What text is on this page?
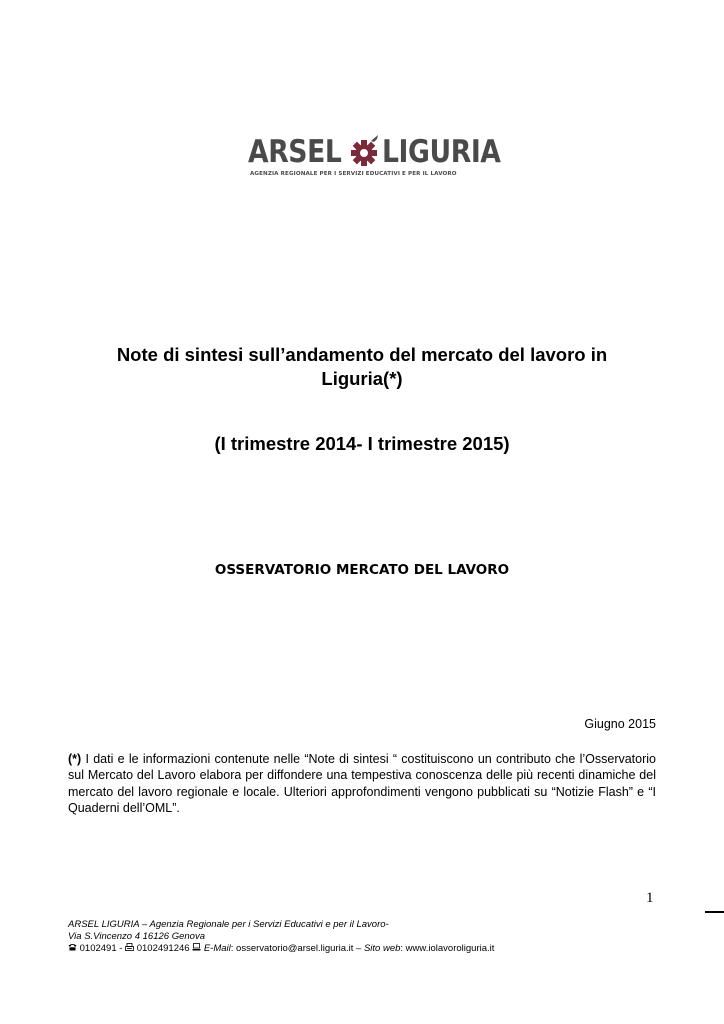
ARSEL LIGURIA
AGENZIA REGIONALE PER I SERVIZI EDUCATIVI E PER IL LAVORO
Note di sintesi sull’andamento del mercato del lavoro in
Liguria(*)
(I trimestre 2014- I trimestre 2015)
OSSERVATORIO MERCATO DEL LAVORO
Giugno 2015
(*) I dati e le informazioni contenute nelle “Note di sintesi “ costituiscono un contributo che l’Osservatorio sul Mercato del Lavoro elabora per diffondere una tempestiva conoscenza delle più recenti dinamiche del mercato del lavoro regionale e locale. Ulteriori approfondimenti vengono pubblicati su “Notizie Flash” e “I Quaderni dell’OML”.
1
ARSEL LIGURIA – Agenzia Regionale per i Servizi Educativi e per il Lavoro-
Via S.Vincenzo 4 16126 Genova
0102491 -  0102491246  E-Mail: osservatorio@arsel.liguria.it – Sito web: www.iolavoroliguria.it
